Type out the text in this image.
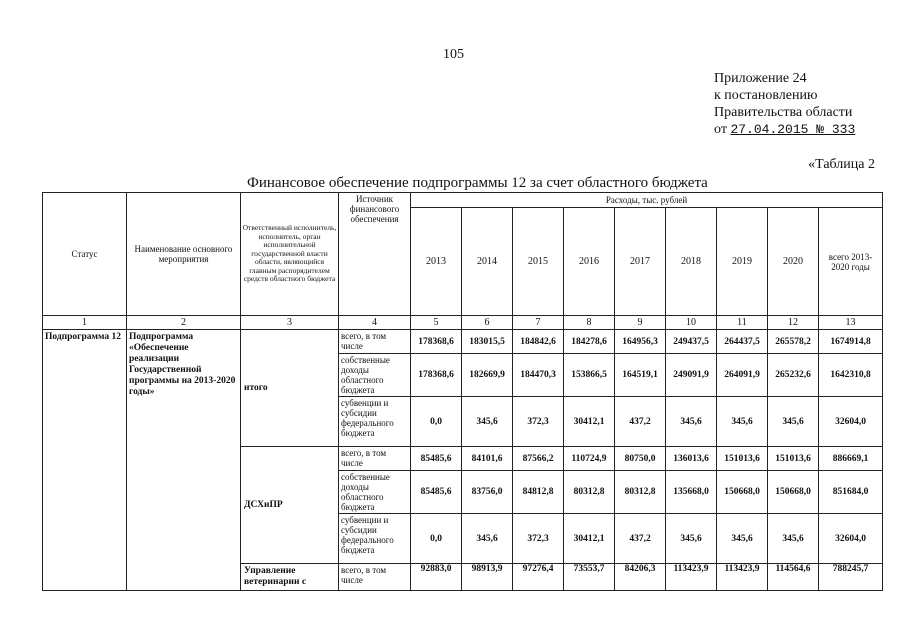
105
Приложение 24
к постановлению
Правительства области
от 27.04.2015 № 333
«Таблица 2
Финансовое обеспечение подпрограммы 12 за счет областного бюджета
Статус	Наименование основного мероприятия	Ответственный исполнитель, исполнитель, орган исполнительной государственной власти области, являющийся главным распорядителем средств областного бюджета	Источник финансового обеспечения	Расходы, тыс. рублей								
				2013	2014	2015	2016	2017	2018	2019	2020	всего 2013-2020 годы
1	2	3	4	5	6	7	8	9	10	11	12	13
Подпрограмма 12	Подпрограмма «Обеспечение реализации Государственной программы на 2013-2020 годы»	итого	всего, в том числе	178368,6	183015,5	184842,6	184278,6	164956,3	249437,5	264437,5	265578,2	1674914,8
			собственные доходы областного бюджета	178368,6	182669,9	184470,3	153866,5	164519,1	249091,9	264091,9	265232,6	1642310,8
			субвенции и субсидии федерального бюджета	0,0	345,6	372,3	30412,1	437,2	345,6	345,6	345,6	32604,0
		ДСХиПР	всего, в том числе	85485,6	84101,6	87566,2	110724,9	80750,0	136013,6	151013,6	151013,6	886669,1
			собственные доходы областного бюджета	85485,6	83756,0	84812,8	80312,8	80312,8	135668,0	150668,0	150668,0	851684,0
			субвенции и субсидии федерального бюджета	0,0	345,6	372,3	30412,1	437,2	345,6	345,6	345,6	32604,0
		Управление ветеринарии с	всего, в том числе	92883,0	98913,9	97276,4	73553,7	84206,3	113423,9	113423,9	114564,6	788245,7
